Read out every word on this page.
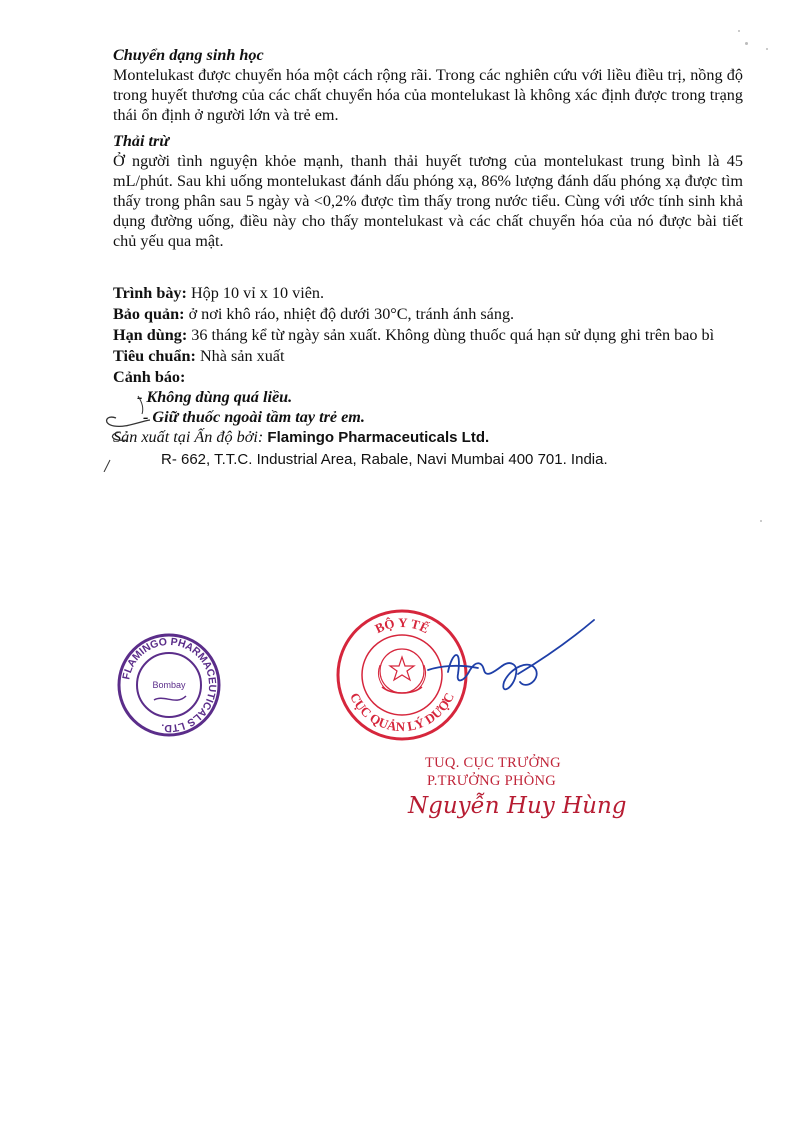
Chuyển dạng sinh học
Montelukast được chuyển hóa một cách rộng rãi. Trong các nghiên cứu với liều điều trị, nồng độ trong huyết thương của các chất chuyển hóa của montelukast là không xác định được trong trạng thái ổn định ở người lớn và trẻ em.
Thải trừ
Ở người tình nguyện khỏe mạnh, thanh thải huyết tương của montelukast trung bình là 45 mL/phút. Sau khi uống montelukast đánh dấu phóng xạ, 86% lượng đánh dấu phóng xạ được tìm thấy trong phân sau 5 ngày và <0,2% được tìm thấy trong nước tiểu. Cùng với ước tính sinh khả dụng đường uống, điều này cho thấy montelukast và các chất chuyển hóa của nó được bài tiết chủ yếu qua mật.
Trình bày: Hộp 10 vỉ x 10 viên.
Bảo quản: ở nơi khô ráo, nhiệt độ dưới 30°C, tránh ánh sáng.
Hạn dùng: 36 tháng kể từ ngày sản xuất. Không dùng thuốc quá hạn sử dụng ghi trên bao bì
Tiêu chuẩn: Nhà sản xuất
Cảnh báo:
- Không dùng quá liều.
- Giữ thuốc ngoài tầm tay trẻ em.
Sản xuất tại Ấn độ bởi: Flamingo Pharmaceuticals Ltd.
R- 662, T.T.C. Industrial Area, Rabale, Navi Mumbai 400 701. India.
FLAMINGO PHARMACEUTICALS LTD.
Bombay
BỘ Y TẾ
CỤC QUẢN LÝ DƯỢC
TUQ. CỤC TRƯỞNG
P.TRƯỞNG PHÒNG
Nguyễn Huy Hùng
